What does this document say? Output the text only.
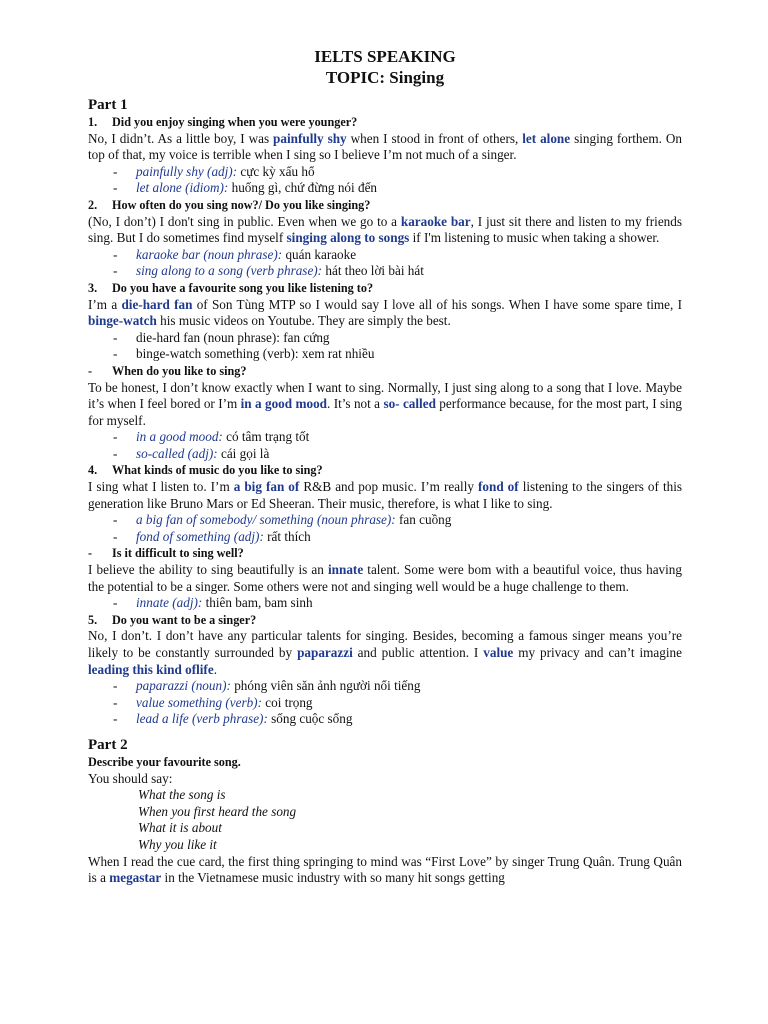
IELTS SPEAKING
TOPIC: Singing
Part 1
1.	Did you enjoy singing when you were younger?
No, I didn’t. As a little boy, I was painfully shy when I stood in front of others, let alone singing forthem. On top of that, my voice is terrible when I sing so I believe I’m not much of a singer.
-	painfully shy (adj): cực kỳ xấu hổ
-	let alone (idiom): huống gì, chứ đừng nói đến
2.	How often do you sing now?/ Do you like singing?
(No, I don’t) I don't sing in public. Even when we go to a karaoke bar, I just sit there and listen to my friends sing. But I do sometimes find myself singing along to songs if I'm listening to music when taking a shower.
-	karaoke bar (noun phrase): quán karaoke
-	sing along to a song (verb phrase): hát theo lời bài hát
3.	Do you have a favourite song you like listening to?
I’m a die-hard fan of Son Tùng MTP so I would say I love all of his songs. When I have some spare time, I binge-watch his music videos on Youtube. They are simply the best.
-	die-hard fan (noun phrase): fan cứng
-	binge-watch something (verb): xem rat nhiều
-	When do you like to sing?
To be honest, I don’t know exactly when I want to sing. Normally, I just sing along to a song that I love. Maybe it’s when I feel bored or I’m in a good mood. It’s not a so- called performance because, for the most part, I sing for myself.
-	in a good mood: có tâm trạng tốt
-	so-called (adj): cái gọi là
4.	What kinds of music do you like to sing?
I sing what I listen to. I’m a big fan of R&B and pop music. I’m really fond of listening to the singers of this generation like Bruno Mars or Ed Sheeran. Their music, therefore, is what I like to sing.
-	a big fan of somebody/ something (noun phrase): fan cuồng
-	fond of something (adj): rất thích
-	Is it difficult to sing well?
I believe the ability to sing beautifully is an innate talent. Some were bom with a beautiful voice, thus having the potential to be a singer. Some others were not and singing well would be a huge challenge to them.
-	innate (adj): thiên bam, bam sinh
5.	Do you want to be a singer?
No, I don’t. I don’t have any particular talents for singing. Besides, becoming a famous singer means you’re likely to be constantly surrounded by paparazzi and public attention. I value my privacy and can’t imagine leading this kind oflife.
-	paparazzi (noun): phóng viên săn ảnh người nổi tiếng
-	value something (verb): coi trọng
-	lead a life (verb phrase): sống cuộc sống
Part 2
Describe your favourite song.
You should say:
What the song is
When you first heard the song
What it is about
Why you like it
When I read the cue card, the first thing springing to mind was “First Love” by singer Trung Quân. Trung Quân is a megastar in the Vietnamese music industry with so many hit songs getting
